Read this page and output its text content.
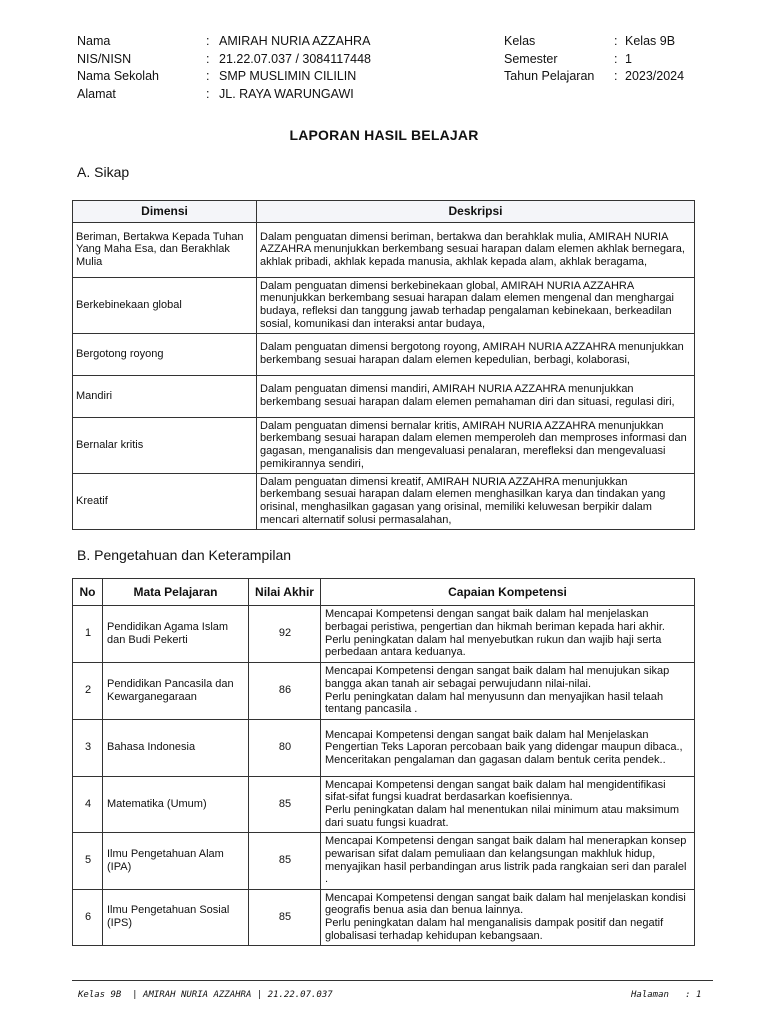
Nama	: AMIRAH NURIA AZZAHRA	Kelas	: Kelas 9B
NIS/NISN	: 21.22.07.037 / 3084117448	Semester	: 1
Nama Sekolah	: SMP MUSLIMIN CILILIN	Tahun Pelajaran : 2023/2024
Alamat	: JL. RAYA WARUNGAWI
LAPORAN HASIL BELAJAR
A. Sikap
Dimensi	Deskripsi
Beriman, Bertakwa Kepada Tuhan Yang Maha Esa, dan Berakhlak Mulia	Dalam penguatan dimensi beriman, bertakwa dan berahklak mulia, AMIRAH NURIA AZZAHRA menunjukkan berkembang sesuai harapan dalam elemen akhlak bernegara, akhlak pribadi, akhlak kepada manusia, akhlak kepada alam, akhlak beragama,
Berkebinekaan global	Dalam penguatan dimensi berkebinekaan global, AMIRAH NURIA AZZAHRA menunjukkan berkembang sesuai harapan dalam elemen mengenal dan menghargai budaya, refleksi dan tanggung jawab terhadap pengalaman kebinekaan, berkeadilan sosial, komunikasi dan interaksi antar budaya,
Bergotong royong	Dalam penguatan dimensi bergotong royong, AMIRAH NURIA AZZAHRA menunjukkan berkembang sesuai harapan dalam elemen kepedulian, berbagi, kolaborasi,
Mandiri	Dalam penguatan dimensi mandiri, AMIRAH NURIA AZZAHRA menunjukkan berkembang sesuai harapan dalam elemen pemahaman diri dan situasi, regulasi diri,
Bernalar kritis	Dalam penguatan dimensi bernalar kritis, AMIRAH NURIA AZZAHRA menunjukkan berkembang sesuai harapan dalam elemen memperoleh dan memproses informasi dan gagasan, menganalisis dan mengevaluasi penalaran, merefleksi dan mengevaluasi pemikirannya sendiri,
Kreatif	Dalam penguatan dimensi kreatif, AMIRAH NURIA AZZAHRA menunjukkan berkembang sesuai harapan dalam elemen menghasilkan karya dan tindakan yang orisinal, menghasilkan gagasan yang orisinal, memiliki keluwesan berpikir dalam mencari alternatif solusi permasalahan,
B. Pengetahuan dan Keterampilan
No	Mata Pelajaran	Nilai Akhir	Capaian Kompetensi
1	Pendidikan Agama Islam dan Budi Pekerti	92	Mencapai Kompetensi dengan sangat baik dalam hal menjelaskan berbagai peristiwa, pengertian dan hikmah beriman kepada hari akhir.
Perlu peningkatan dalam hal menyebutkan rukun dan wajib haji serta perbedaan antara keduanya.
2	Pendidikan Pancasila dan Kewarganegaraan	86	Mencapai Kompetensi dengan sangat baik dalam hal menujukan sikap bangga akan tanah air sebagai perwujudann nilai-nilai.
Perlu peningkatan dalam hal menyusunn dan menyajikan hasil telaah tentang pancasila .
3	Bahasa Indonesia	80	Mencapai Kompetensi dengan sangat baik dalam hal Menjelaskan Pengertian Teks Laporan percobaan baik yang didengar maupun dibaca., Menceritakan pengalaman dan gagasan dalam bentuk cerita pendek..
4	Matematika (Umum)	85	Mencapai Kompetensi dengan sangat baik dalam hal mengidentifikasi sifat-sifat fungsi kuadrat berdasarkan koefisiennya.
Perlu peningkatan dalam hal menentukan nilai minimum atau maksimum dari suatu fungsi kuadrat.
5	Ilmu Pengetahuan Alam (IPA)	85	Mencapai Kompetensi dengan sangat baik dalam hal menerapkan konsep pewarisan sifat dalam pemuliaan dan kelangsungan makhluk hidup, menyajikan hasil perbandingan arus listrik pada rangkaian seri dan paralel .
6	Ilmu Pengetahuan Sosial (IPS)	85	Mencapai Kompetensi dengan sangat baik dalam hal menjelaskan kondisi geografis benua asia dan benua lainnya.
Perlu peningkatan dalam hal menganalisis dampak positif dan negatif globalisasi terhadap kehidupan kebangsaan.
Kelas 9B  | AMIRAH NURIA AZZAHRA | 21.22.07.037	Halaman   : 1
